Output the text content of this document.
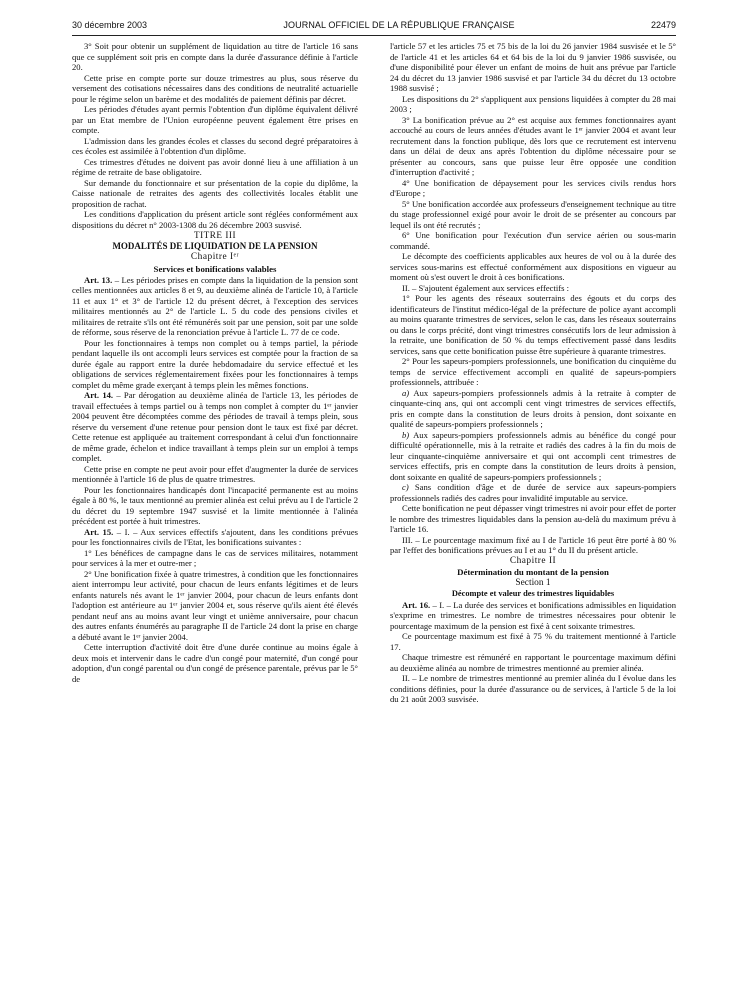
30 décembre 2003	JOURNAL OFFICIEL DE LA RÉPUBLIQUE FRANÇAISE	22479

3° Soit pour obtenir un supplément de liquidation au titre de l'article 16 sans que ce supplément soit pris en compte dans la durée d'assurance définie à l'article 20.

Cette prise en compte porte sur douze trimestres au plus, sous réserve du versement des cotisations nécessaires dans des conditions de neutralité actuarielle pour le régime selon un barème et des modalités de paiement définis par décret.

Les périodes d'études ayant permis l'obtention d'un diplôme équivalent délivré par un Etat membre de l'Union européenne peuvent également être prises en compte.

L'admission dans les grandes écoles et classes du second degré préparatoires à ces écoles est assimilée à l'obtention d'un diplôme.

Ces trimestres d'études ne doivent pas avoir donné lieu à une affiliation à un régime de retraite de base obligatoire.

Sur demande du fonctionnaire et sur présentation de la copie du diplôme, la Caisse nationale de retraites des agents des collectivités locales établit une proposition de rachat.

Les conditions d'application du présent article sont réglées conformément aux dispositions du décret n° 2003-1308 du 26 décembre 2003 susvisé.

TITRE III

MODALITÉS DE LIQUIDATION DE LA PENSION

Chapitre Iᵉʳ

Services et bonifications valables

Art. 13. – Les périodes prises en compte dans la liquidation de la pension sont celles mentionnées aux articles 8 et 9, au deuxième alinéa de l'article 10, à l'article 11 et aux 1° et 3° de l'article 12 du présent décret, à l'exception des services militaires mentionnés au 2° de l'article L. 5 du code des pensions civiles et militaires de retraite s'ils ont été rémunérés soit par une pension, soit par une solde de réforme, sous réserve de la renonciation prévue à l'article L. 77 de ce code.

Pour les fonctionnaires à temps non complet ou à temps partiel, la période pendant laquelle ils ont accompli leurs services est comptée pour la fraction de sa durée égale au rapport entre la durée hebdomadaire du service effectué et les obligations de services réglementairement fixées pour les fonctionnaires à temps complet du même grade exerçant à temps plein les mêmes fonctions.

Art. 14. – Par dérogation au deuxième alinéa de l'article 13, les périodes de travail effectuées à temps partiel ou à temps non complet à compter du 1ᵉʳ janvier 2004 peuvent être décomptées comme des périodes de travail à temps plein, sous réserve du versement d'une retenue pour pension dont le taux est fixé par décret. Cette retenue est appliquée au traitement correspondant à celui d'un fonctionnaire de même grade, échelon et indice travaillant à temps plein sur un emploi à temps complet.

Cette prise en compte ne peut avoir pour effet d'augmenter la durée de services mentionnée à l'article 16 de plus de quatre trimestres.

Pour les fonctionnaires handicapés dont l'incapacité permanente est au moins égale à 80 %, le taux mentionné au premier alinéa est celui prévu au I de l'article 2 du décret du 19 septembre 1947 susvisé et la limite mentionnée à l'alinéa précédent est portée à huit trimestres.

Art. 15. – I. – Aux services effectifs s'ajoutent, dans les conditions prévues pour les fonctionnaires civils de l'Etat, les bonifications suivantes :

1° Les bénéfices de campagne dans le cas de services militaires, notamment pour services à la mer et outre-mer ;

2° Une bonification fixée à quatre trimestres, à condition que les fonctionnaires aient interrompu leur activité, pour chacun de leurs enfants légitimes et de leurs enfants naturels nés avant le 1ᵉʳ janvier 2004, pour chacun de leurs enfants dont l'adoption est antérieure au 1ᵉʳ janvier 2004 et, sous réserve qu'ils aient été élevés pendant neuf ans au moins avant leur vingt et unième anniversaire, pour chacun des autres enfants énumérés au paragraphe II de l'article 24 dont la prise en charge a débuté avant le 1ᵉʳ janvier 2004.

Cette interruption d'activité doit être d'une durée continue au moins égale à deux mois et intervenir dans le cadre d'un congé pour maternité, d'un congé pour adoption, d'un congé parental ou d'un congé de présence parentale, prévus par le 5° de

l'article 57 et les articles 75 et 75 bis de la loi du 26 janvier 1984 susvisée et le 5° de l'article 41 et les articles 64 et 64 bis de la loi du 9 janvier 1986 susvisée, ou d'une disponibilité pour élever un enfant de moins de huit ans prévue par l'article 24 du décret du 13 janvier 1986 susvisé et par l'article 34 du décret du 13 octobre 1988 susvisé ;

Les dispositions du 2° s'appliquent aux pensions liquidées à compter du 28 mai 2003 ;

3° La bonification prévue au 2° est acquise aux femmes fonctionnaires ayant accouché au cours de leurs années d'études avant le 1ᵉʳ janvier 2004 et avant leur recrutement dans la fonction publique, dès lors que ce recrutement est intervenu dans un délai de deux ans après l'obtention du diplôme nécessaire pour se présenter au concours, sans que puisse leur être opposée une condition d'interruption d'activité ;

4° Une bonification de dépaysement pour les services civils rendus hors d'Europe ;

5° Une bonification accordée aux professeurs d'enseignement technique au titre du stage professionnel exigé pour avoir le droit de se présenter au concours par lequel ils ont été recrutés ;

6° Une bonification pour l'exécution d'un service aérien ou sous-marin commandé.

Le décompte des coefficients applicables aux heures de vol ou à la durée des services sous-marins est effectué conformément aux dispositions en vigueur au moment où s'est ouvert le droit à ces bonifications.

II. – S'ajoutent également aux services effectifs :

1° Pour les agents des réseaux souterrains des égouts et du corps des identificateurs de l'institut médico-légal de la préfecture de police ayant accompli au moins quarante trimestres de services, selon le cas, dans les réseaux souterrains ou dans le corps précité, dont vingt trimestres consécutifs lors de leur admission à la retraite, une bonification de 50 % du temps effectivement passé dans lesdits services, sans que cette bonification puisse être supérieure à quarante trimestres.

2° Pour les sapeurs-pompiers professionnels, une bonification du cinquième du temps de service effectivement accompli en qualité de sapeurs-pompiers professionnels, attribuée :

a) Aux sapeurs-pompiers professionnels admis à la retraite à compter de cinquante-cinq ans, qui ont accompli cent vingt trimestres de services effectifs, pris en compte dans la constitution de leurs droits à pension, dont soixante en qualité de sapeurs-pompiers professionnels ;

b) Aux sapeurs-pompiers professionnels admis au bénéfice du congé pour difficulté opérationnelle, mis à la retraite et radiés des cadres à la fin du mois de leur cinquante-cinquième anniversaire et qui ont accompli cent trimestres de services effectifs, pris en compte dans la constitution de leurs droits à pension, dont soixante en qualité de sapeurs-pompiers professionnels ;

c) Sans condition d'âge et de durée de service aux sapeurs-pompiers professionnels radiés des cadres pour invalidité imputable au service.

Cette bonification ne peut dépasser vingt trimestres ni avoir pour effet de porter le nombre des trimestres liquidables dans la pension au-delà du maximum prévu à l'article 16.

III. – Le pourcentage maximum fixé au I de l'article 16 peut être porté à 80 % par l'effet des bonifications prévues au I et au 1° du II du présent article.

Chapitre II

Détermination du montant de la pension

Section 1

Décompte et valeur des trimestres liquidables

Art. 16. – I. – La durée des services et bonifications admissibles en liquidation s'exprime en trimestres. Le nombre de trimestres nécessaires pour obtenir le pourcentage maximum de la pension est fixé à cent soixante trimestres.

Ce pourcentage maximum est fixé à 75 % du traitement mentionné à l'article 17.

Chaque trimestre est rémunéré en rapportant le pourcentage maximum défini au deuxième alinéa au nombre de trimestres mentionné au premier alinéa.

II. – Le nombre de trimestres mentionné au premier alinéa du I évolue dans les conditions définies, pour la durée d'assurance ou de services, à l'article 5 de la loi du 21 août 2003 susvisée.
